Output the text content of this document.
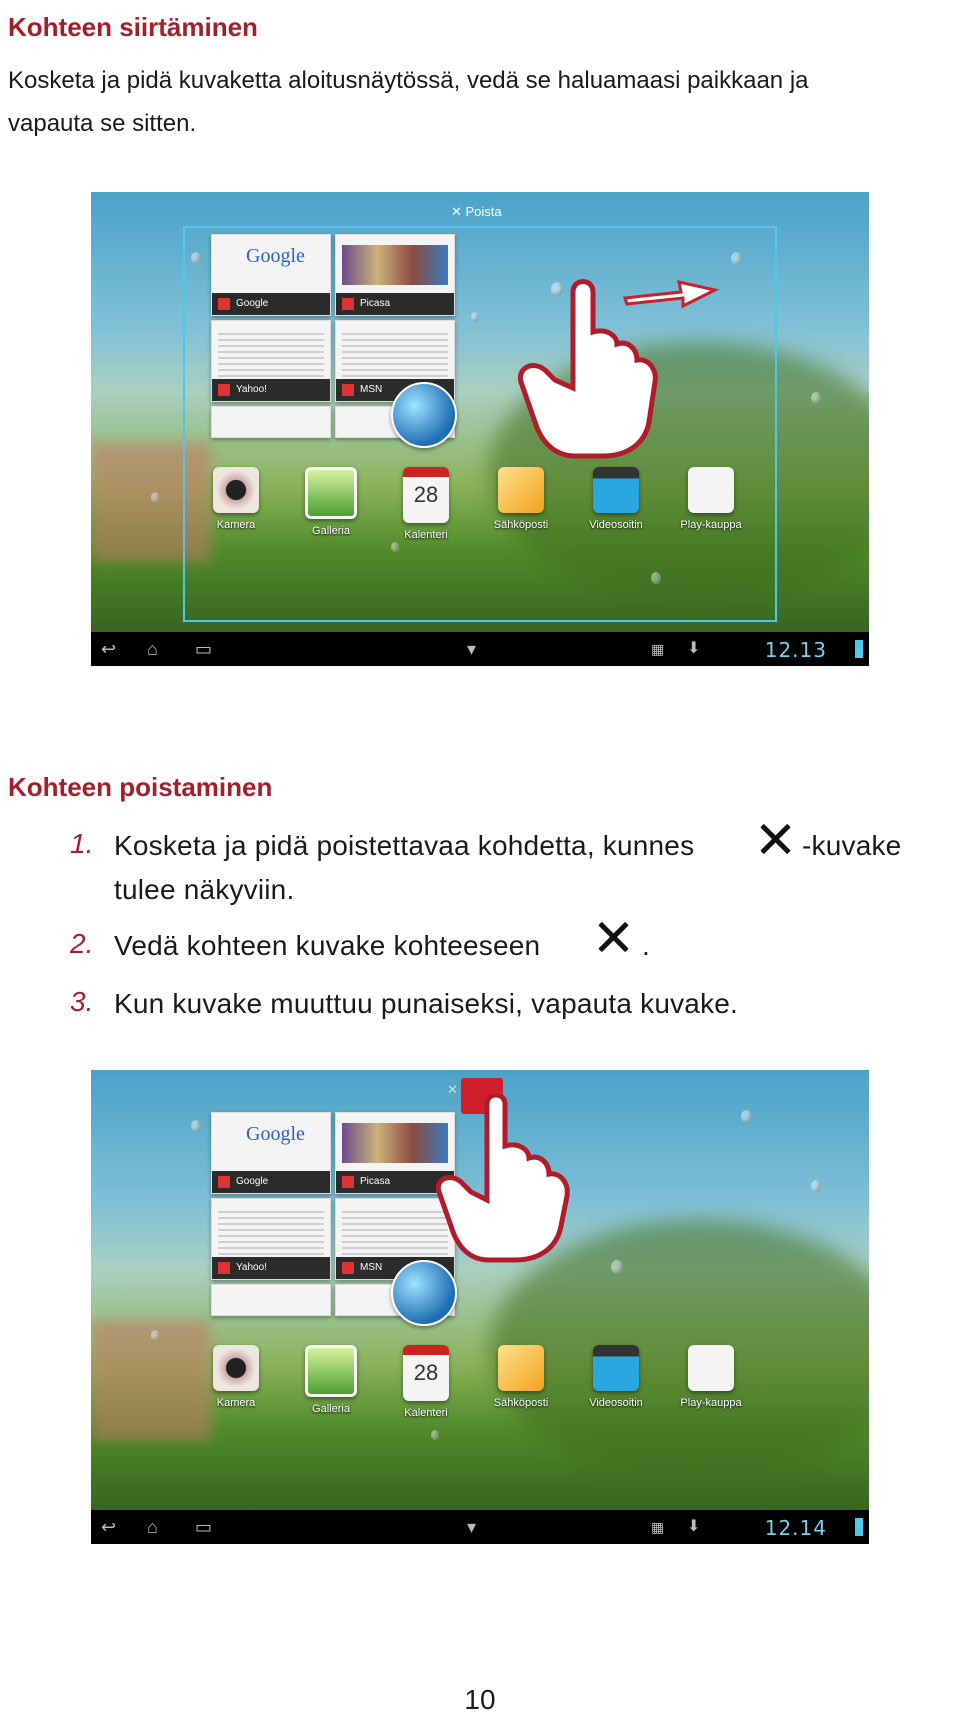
Kohteen siirtäminen

Kosketa ja pidä kuvaketta aloitusnäytössä, vedä se haluamaasi paikkaan ja

vapauta se sitten.

✕ Poista
Google
Google	Picasa
Yahoo!	MSN
Kamera	Galleria
28
Kalenteri
Sähköposti	Videosoitin	Play-kauppa
↩ ⌂ ▭	▾	▦ ⬇	12.13
Kohteen poistaminen
1. Kosketa ja pidä poistettavaa kohdetta, kunnes	-kuvake
tulee näkyviin.
2. Vedä kohteen kuvake kohteeseen	.
3. Kun kuvake muuttuu punaiseksi, vapauta kuvake.
✕
Google
Google	Picasa
Yahoo!	MSN
Kamera	Galleria
28
Kalenteri
Sähköposti	Videosoitin	Play-kauppa
↩ ⌂ ▭	▾	▦ ⬇	12.14
10
